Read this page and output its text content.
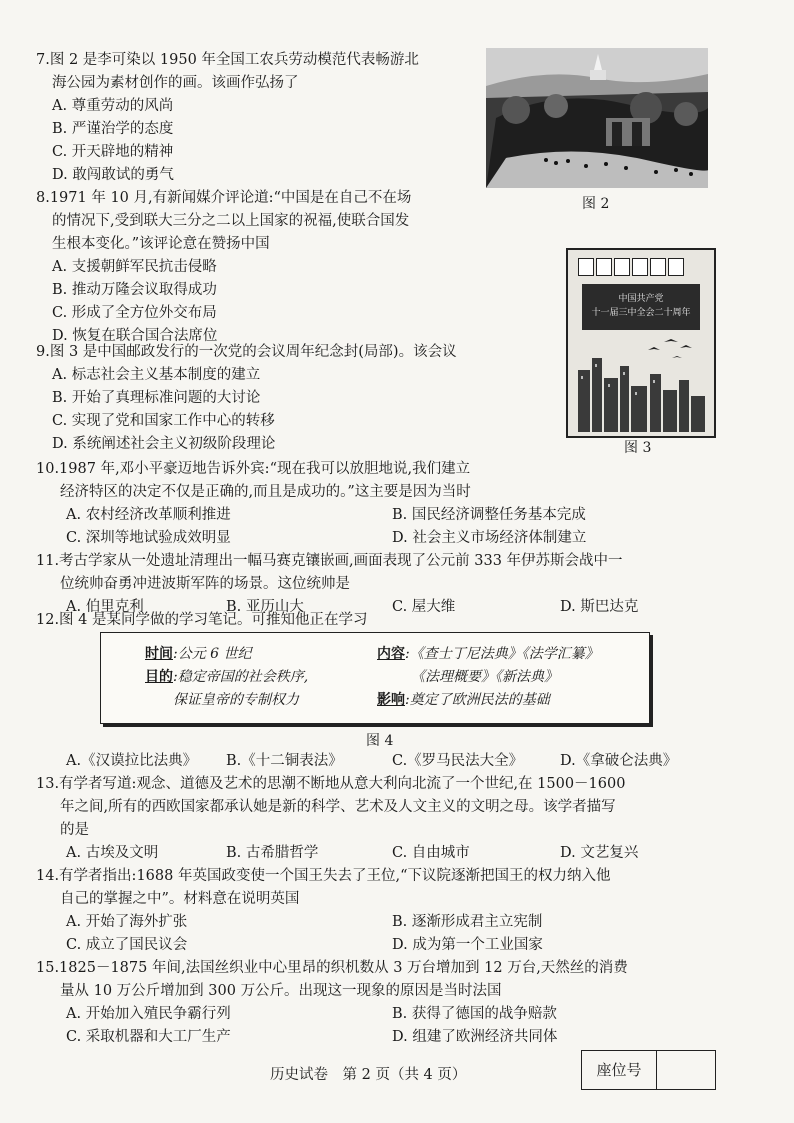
7.图 2 是李可染以 1950 年全国工农兵劳动模范代表畅游北
海公园为素材创作的画。该画作弘扬了
A. 尊重劳动的风尚
B. 严谨治学的态度
C. 开天辟地的精神
D. 敢闯敢试的勇气
图 2
8.1971 年 10 月,有新闻媒介评论道:“中国是在自己不在场
的情况下,受到联大三分之二以上国家的祝福,使联合国发
生根本变化。”该评论意在赞扬中国
A. 支援朝鲜军民抗击侵略
B. 推动万隆会议取得成功
C. 形成了全方位外交布局
D. 恢复在联合国合法席位
中国共产党
十一届三中全会二十周年
图 3
9.图 3 是中国邮政发行的一次党的会议周年纪念封(局部)。该会议
A. 标志社会主义基本制度的建立
B. 开始了真理标准问题的大讨论
C. 实现了党和国家工作中心的转移
D. 系统阐述社会主义初级阶段理论
10.1987 年,邓小平豪迈地告诉外宾:“现在我可以放胆地说,我们建立
经济特区的决定不仅是正确的,而且是成功的。”这主要是因为当时
A. 农村经济改革顺利推进	B. 国民经济调整任务基本完成
C. 深圳等地试验成效明显	D. 社会主义市场经济体制建立
11.考古学家从一处遗址清理出一幅马赛克镶嵌画,画面表现了公元前 333 年伊苏斯会战中一
位统帅奋勇冲进波斯军阵的场景。这位统帅是
A. 伯里克利	B. 亚历山大	C. 屋大维	D. 斯巴达克
12.图 4 是某同学做的学习笔记。可推知他正在学习
时间:公元 6 世纪	内容:《查士丁尼法典》《法学汇纂》
《法理概要》《新法典》
目的:稳定帝国的社会秩序,
保证皇帝的专制权力	影响:奠定了欧洲民法的基础
图 4
A.《汉谟拉比法典》 B.《十二铜表法》	C.《罗马民法大全》	D.《拿破仑法典》
13.有学者写道:观念、道德及艺术的思潮不断地从意大利向北流了一个世纪,在 1500－1600
年之间,所有的西欧国家都承认她是新的科学、艺术及人文主义的文明之母。该学者描写
的是
A. 古埃及文明	B. 古希腊哲学	C. 自由城市	D. 文艺复兴
14.有学者指出:1688 年英国政变使一个国王失去了王位,“下议院逐渐把国王的权力纳入他
自己的掌握之中”。材料意在说明英国
A. 开始了海外扩张	B. 逐渐形成君主立宪制
C. 成立了国民议会	D. 成为第一个工业国家
15.1825－1875 年间,法国丝织业中心里昂的织机数从 3 万台增加到 12 万台,天然丝的消费
量从 10 万公斤增加到 300 万公斤。出现这一现象的原因是当时法国
A. 开始加入殖民争霸行列	B. 获得了德国的战争赔款
C. 采取机器和大工厂生产	D. 组建了欧洲经济共同体
历史试卷　第 2 页（共 4 页）	座位号
